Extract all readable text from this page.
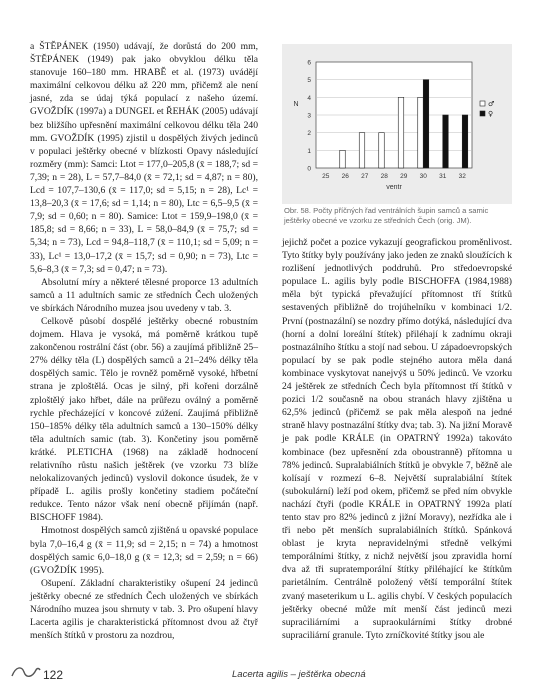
a ŠTĚPÁNEK (1950) udávají, že dorůstá do 200 mm, ŠTĚPÁNEK (1949) pak jako obvyklou délku těla stanovuje 160–180 mm. HRABĚ et al. (1973) uvádějí maximální celkovou délku až 220 mm, přičemž ale není jasné, zda se údaj týká populací z našeho území. GVOŽDÍK (1997a) a DUNGEL et ŘEHÁK (2005) udávají bez bližšího upřesnění maximální celkovou délku těla 240 mm. GVOŽDÍK (1995) zjistil u dospělých živých jedinců v populaci ještěrky obecné v blízkosti Opavy následující rozměry (mm): Samci: Ltot = 177,0–205,8 (x̄ = 188,7; sd = 7,39; n = 28), L = 57,7–84,0 (x̄ = 72,1; sd = 4,87; n = 80), Lcd = 107,7–130,6 (x̄ = 117,0; sd = 5,15; n = 28), Lc¹ = 13,8–20,3 (x̄ = 17,6; sd = 1,14; n = 80), Ltc = 6,5–9,5 (x̄ = 7,9; sd = 0,60; n = 80). Samice: Ltot = 159,9–198,0 (x̄ = 185,8; sd = 8,66; n = 33), L = 58,0–84,9 (x̄ = 75,7; sd = 5,34; n = 73), Lcd = 94,8–118,7 (x̄ = 110,1; sd = 5,09; n = 33), Lc¹ = 13,0–17,2 (x̄ = 15,7; sd = 0,90; n = 73), Ltc = 5,6–8,3 (x̄ = 7,3; sd = 0,47; n = 73).

Absolutní míry a některé tělesné proporce 13 adultních samců a 11 adultních samic ze středních Čech uložených ve sbírkách Národního muzea jsou uvedeny v tab. 3.

Celkově působí dospělé ještěrky obecné robustním dojmem. Hlava je vysoká, má poměrně krátkou tupě zakončenou rostrální část (obr. 56) a zaujímá přibližně 25–27% délky těla (L) dospělých samců a 21–24% délky těla dospělých samic. Tělo je rovněž poměrně vysoké, hřbetní strana je zploštělá. Ocas je silný, při kořeni dorzálně zploštělý jako hřbet, dále na průřezu oválný a poměrně rychle přecházející v koncové zúžení. Zaujímá přibližně 150–185% délky těla adultních samců a 130–150% délky těla adultních samic (tab. 3). Končetiny jsou poměrně krátké. PLETICHA (1968) na základě hodnocení relativního růstu našich ještěrek (ve vzorku 73 blíže nelokalizovaných jedinců) vyslovil dokonce úsudek, že v případě L. agilis prošly končetiny stadiem počáteční redukce. Tento názor však není obecně přijímán (např. BISCHOFF 1984).

Hmotnost dospělých samců zjištěná u opavské populace byla 7,0–16,4 g (x̄ = 11,9; sd = 2,15; n = 74) a hmotnost dospělých samic 6,0–18,0 g (x̄ = 12,3; sd = 2,59; n = 66) (GVOŽDÍK 1995).

Ošupení. Základní charakteristiky ošupení 24 jedinců ještěrky obecné ze středních Čech uložených ve sbírkách Národního muzea jsou shrnuty v tab. 3. Pro ošupení hlavy Lacerta agilis je charakteristická přítomnost dvou až čtyř menších štítků v prostoru za nozdrou,

0
1
2
3
4
5
6
N
25 26 27 28 29 30 31 32
ventr
♂
♀
Obr. 58. Počty příčných řad ventrálních šupin samců a samic ještěrky obecné ve vzorku ze středních Čech (orig. JM).

jejichž počet a pozice vykazují geografickou proměnlivost. Tyto štítky byly používány jako jeden ze znaků sloužících k rozlišení jednotlivých poddruhů. Pro středoevropské populace L. agilis byly podle BISCHOFFA (1984,1988) měla být typická převažující přítomnost tří štítků sestavených přibližně do trojúhelníku v kombinaci 1/2. První (postnazální) se nozdry přímo dotýká, následující dva (horní a dolní loreální štítek) přiléhají k zadnímu okraji postnazálního štítku a stojí nad sebou. U západoevropských populací by se pak podle stejného autora měla daná kombinace vyskytovat nanejvýš u 50% jedinců. Ve vzorku 24 ještěrek ze středních Čech byla přítomnost tří štítků v pozici 1/2 současně na obou stranách hlavy zjištěna u 62,5% jedinců (přičemž se pak měla alespoň na jedné straně hlavy postnazální štítky dva; tab. 3). Na jižní Moravě je pak podle KRÁLE (in OPATRNÝ 1992a) takováto kombinace (bez upřesnění zda oboustranně) přítomna u 78% jedinců. Supralabiálních štítků je obvykle 7, běžně ale kolísají v rozmezí 6–8. Největší supralabiální štítek (subokulární) leží pod okem, přičemž se před ním obvykle nachází čtyři (podle KRÁLE in OPATRNÝ 1992a platí tento stav pro 82% jedinců z jižní Moravy), nezřídka ale i tři nebo pět menších supralabiálních štítků. Spánková oblast je kryta nepravidelnými středně velkými temporálními štítky, z nichž největší jsou zpravidla horní dva až tři supratemporální štítky přiléhající ke štítkům parietálním. Centrálně položený větší temporální štítek zvaný maseterikum u L. agilis chybí. V českých populacích ještěrky obecné může mít menší část jedinců mezi supraciliárními a supraokulárními štítky drobné supraciliární granule. Tyto zrníčkovité štítky jsou ale

122	Lacerta agilis – ještěrka obecná
